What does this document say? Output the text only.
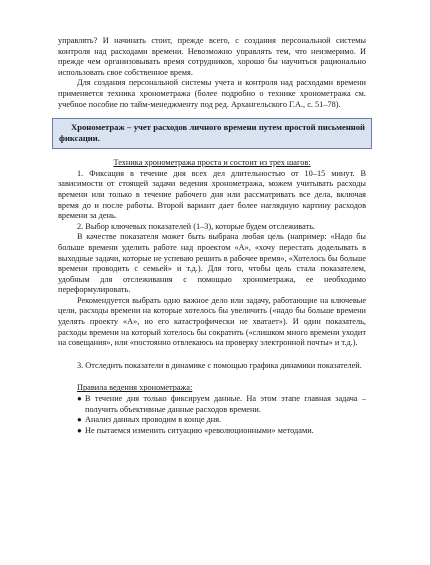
управлять? И начинать стоит, прежде всего, с создания персональной системы контроля над расходами времени. Невозможно управлять тем, что неизмеримо. И прежде чем организовывать время сотрудников, хорошо бы научиться рационально использовать свое собственное время.

Для создания персональной системы учета и контроля над расходами времени применяется техника хронометража (более подробно о технике хронометража см. учебное пособие по тайм-менеджменту под ред. Архангельского Г.А., с. 51–78).

Хронометраж – учет расходов личного времени путем простой письменной фиксации.

Техника хронометража проста и состоит из трех шагов:

1. Фиксация в течение дня всех дел длительностью от 10–15 минут. В зависимости от стоящей задачи ведения хронометража, можем учитывать расходы времени или только в течение рабочего дня или рассматривать все дела, включая время до и после работы. Второй вариант дает более наглядную картину расходов времени за день.

2. Выбор ключевых показателей (1–3), которые будем отслеживать.

В качестве показателя может быть выбрана любая цель (например: «Надо бы больше времени уделить работе над проектом «А», «хочу перестать доделывать в выходные задачи, которые не успеваю решить в рабочее время», «Хотелось бы больше времени проводить с семьей» и т.д.). Для того, чтобы цель стала показателем, удобным для отслеживания с помощью хронометража, ее необходимо переформулировать.

Рекомендуется выбрать одно важное дело или задачу, работающие на ключевые цели, расходы времени на которые хотелось бы увеличить («надо бы больше времени уделять проекту «А», но его катастрофически не хватает»). И один показатель, расходы времени на который хотелось бы сократить («слишком много времени уходит на совещания», или «постоянно отвлекаюсь на проверку электронной почты» и т.д.).

3. Отследить показатели в динамике с помощью графика динамики показателей.

Правила ведения хронометража:

● В течение дня только фиксируем данные. На этом этапе главная задача – получить объективные данные расходов времени.

● Анализ данных проводим в конце дня.

● Не пытаемся изменить ситуацию «революционными» методами.
